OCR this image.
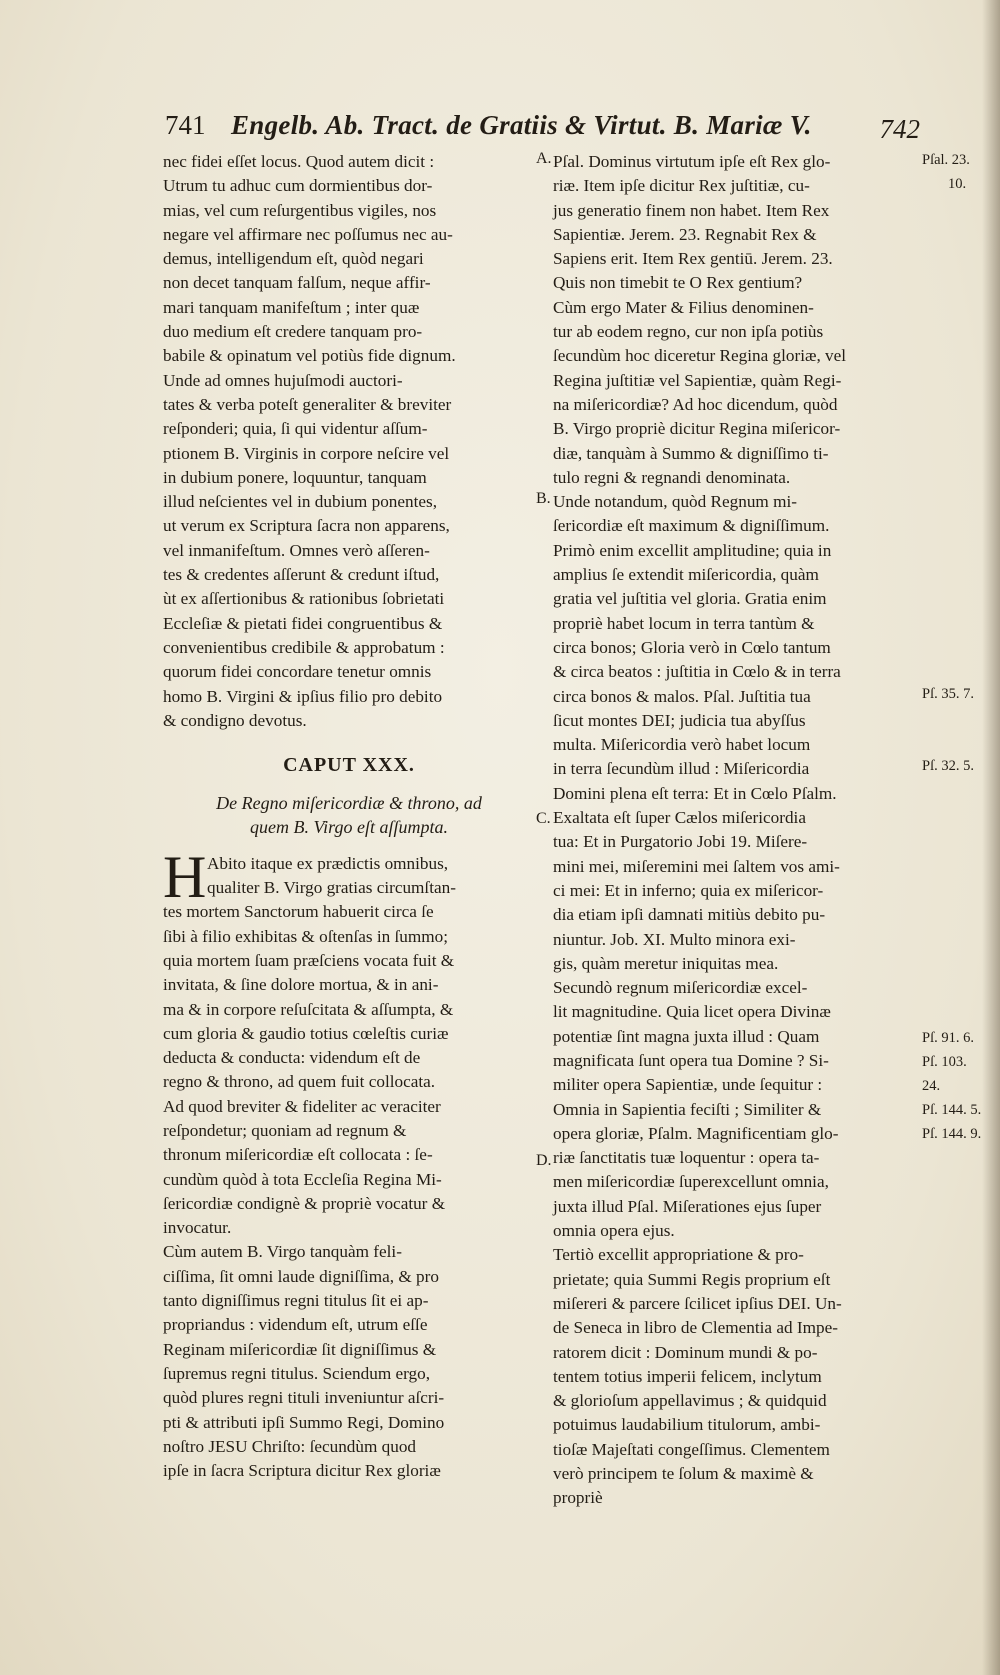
741 Engelb. Ab. Tract. de Gratiis & Virtut. B. Mariæ V.	742
nec fidei eſſet locus. Quod autem dicit :
Utrum tu adhuc cum dormientibus dor-
mias, vel cum reſurgentibus vigiles, nos
negare vel affirmare nec poſſumus nec au-
demus, intelligendum eſt, quòd negari
non decet tanquam falſum, neque affir-
mari tanquam manifeſtum ; inter quæ
duo medium eſt credere tanquam pro-
babile & opinatum vel potiùs fide dignum.
Unde ad omnes hujuſmodi auctori-
tates & verba poteſt generaliter & breviter
reſponderi; quia, ſi qui videntur aſſum-
ptionem B. Virginis in corpore neſcire vel
in dubium ponere, loquuntur, tanquam
illud neſcientes vel in dubium ponentes,
ut verum ex Scriptura ſacra non apparens,
vel inmanifeſtum. Omnes verò aſſeren-
tes & credentes aſſerunt & credunt iſtud,
ùt ex aſſertionibus & rationibus ſobrietati
Eccleſiæ & pietati fidei congruentibus &
convenientibus credibile & approbatum :
quorum fidei concordare tenetur omnis
homo B. Virgini & ipſius filio pro debito
& condigno devotus.
CAPUT XXX.
De Regno miſericordiæ & throno, ad
quem B. Virgo eſt aſſumpta.
Abito itaque ex prædictis omnibus,
qualiter B. Virgo gratias circumſtan-
tes mortem Sanctorum habuerit circa ſe
ſibi à filio exhibitas & oſtenſas in ſummo;
quia mortem ſuam præſciens vocata fuit &
invitata, & ſine dolore mortua, & in ani-
ma & in corpore reſuſcitata & aſſumpta, &
cum gloria & gaudio totius cœleſtis curiæ
deducta & conducta: videndum eſt de
regno & throno, ad quem fuit collocata.
Ad quod breviter & fideliter ac veraciter
reſpondetur; quoniam ad regnum &
thronum miſericordiæ eſt collocata : ſe-
cundùm quòd à tota Eccleſia Regina Mi-
ſericordiæ condignè & propriè vocatur &
invocatur.
Cùm autem B. Virgo tanquàm feli-
ciſſima, ſit omni laude digniſſima, & pro
tanto digniſſimus regni titulus ſit ei ap-
propriandus : videndum eſt, utrum eſſe
Reginam miſericordiæ ſit digniſſimus &
ſupremus regni titulus. Sciendum ergo,
quòd plures regni tituli inveniuntur aſcri-
pti & attributi ipſi Summo Regi, Domino
noſtro JESU Chriſto: ſecundùm quod
ipſe in ſacra Scriptura dicitur Rex gloriæ
Pſal. Dominus virtutum ipſe eſt Rex glo-
riæ. Item ipſe dicitur Rex juſtitiæ, cu-
jus generatio finem non habet. Item Rex
Sapientiæ. Jerem. 23. Regnabit Rex &
Sapiens erit. Item Rex gentiū. Jerem. 23.
Quis non timebit te O Rex gentium?
Cùm ergo Mater & Filius denominen-
tur ab eodem regno, cur non ipſa potiùs
ſecundùm hoc diceretur Regina gloriæ, vel
Regina juſtitiæ vel Sapientiæ, quàm Regi-
na miſericordiæ? Ad hoc dicendum, quòd
B. Virgo propriè dicitur Regina miſericor-
diæ, tanquàm à Summo & digniſſimo ti-
tulo regni & regnandi denominata.
Unde notandum, quòd Regnum mi-
ſericordiæ eſt maximum & digniſſimum.
Primò enim excellit amplitudine; quia in
amplius ſe extendit miſericordia, quàm
gratia vel juſtitia vel gloria. Gratia enim
propriè habet locum in terra tantùm &
circa bonos; Gloria verò in Cœlo tantum
& circa beatos : juſtitia in Cœlo & in terra
circa bonos & malos. Pſal. Juſtitia tua
ſicut montes DEI; judicia tua abyſſus
multa. Miſericordia verò habet locum
in terra ſecundùm illud : Miſericordia
Domini plena eſt terra: Et in Cœlo Pſalm.
Exaltata eſt ſuper Cælos miſericordia
tua: Et in Purgatorio Jobi 19. Miſere-
mini mei, miſeremini mei ſaltem vos ami-
ci mei: Et in inferno; quia ex miſericor-
dia etiam ipſi damnati mitiùs debito pu-
niuntur. Job. XI. Multo minora exi-
gis, quàm meretur iniquitas mea.
Secundò regnum miſericordiæ excel-
lit magnitudine. Quia licet opera Divinæ
potentiæ ſint magna juxta illud : Quam
magnificata ſunt opera tua Domine ? Si-
militer opera Sapientiæ, unde ſequitur :
Omnia in Sapientia feciſti ; Similiter &
opera gloriæ, Pſalm. Magnificentiam glo-
riæ ſanctitatis tuæ loquentur : opera ta-
men miſericordiæ ſuperexcellunt omnia,
juxta illud Pſal. Miſerationes ejus ſuper
omnia opera ejus.
Tertiò excellit appropriatione & pro-
prietate; quia Summi Regis proprium eſt
miſereri & parcere ſcilicet ipſius DEI. Un-
de Seneca in libro de Clementia ad Impe-
ratorem dicit : Dominum mundi & po-
tentem totius imperii felicem, inclytum
& glorioſum appellavimus ; & quidquid
potuimus laudabilium titulorum, ambi-
tioſæ Majeſtati congeſſimus. Clementem
verò principem te ſolum & maximè &
propriè
A.
B.
C.
D.
Pſal. 23.
10.
Pſ. 35. 7.
Pſ. 32. 5.
Pſ. 91. 6.
Pſ. 103.
24.
Pſ. 144. 5.
Pſ. 144. 9.
H
